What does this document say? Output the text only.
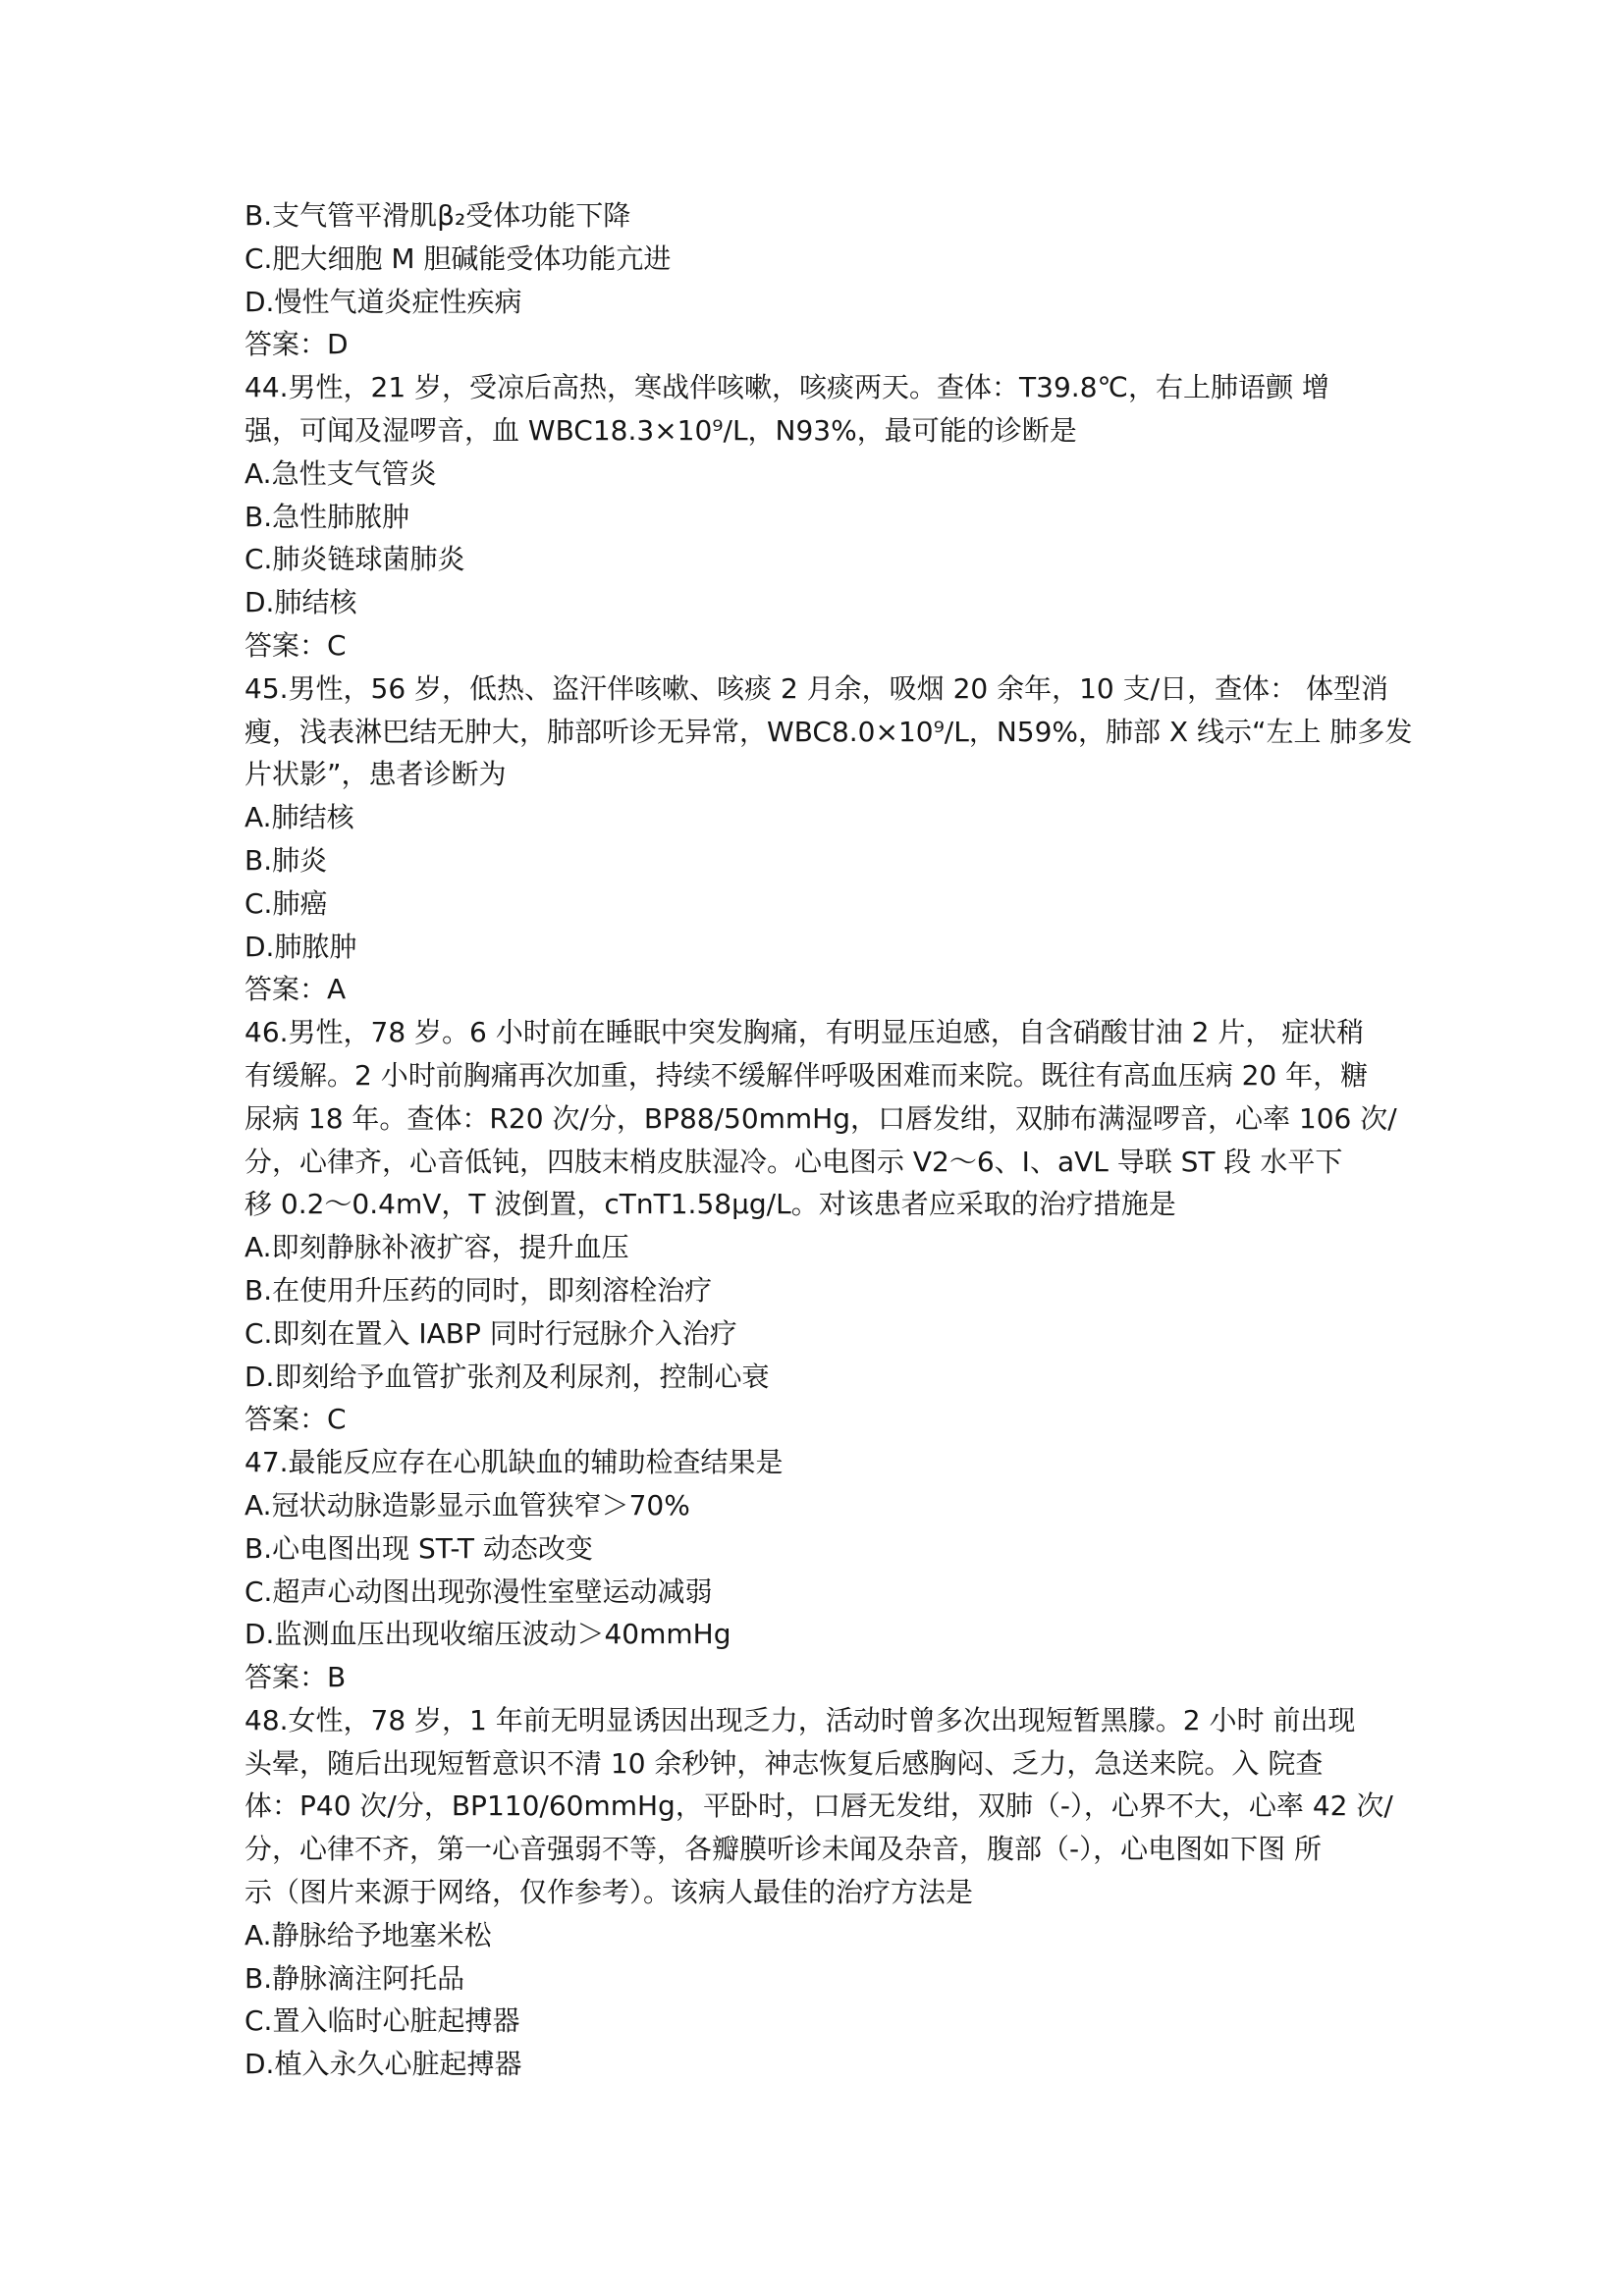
B.支气管平滑肌β₂受体功能下降
C.肥大细胞 M 胆碱能受体功能亢进
D.慢性气道炎症性疾病
答案：D
44.男性，21 岁，受凉后高热，寒战伴咳嗽，咳痰两天。查体：T39.8℃，右上肺语颤 增
强，可闻及湿啰音，血 WBC18.3×10⁹/L，N93%，最可能的诊断是
A.急性支气管炎
B.急性肺脓肿
C.肺炎链球菌肺炎
D.肺结核
答案：C
45.男性，56 岁，低热、盗汗伴咳嗽、咳痰 2 月余，吸烟 20 余年，10 支/日，查体： 体型消
瘦，浅表淋巴结无肿大，肺部听诊无异常，WBC8.0×10⁹/L，N59%，肺部 X 线示“左上 肺多发
片状影”，患者诊断为
A.肺结核
B.肺炎
C.肺癌
D.肺脓肿
答案：A
46.男性，78 岁。6 小时前在睡眠中突发胸痛，有明显压迫感，自含硝酸甘油 2 片， 症状稍
有缓解。2 小时前胸痛再次加重，持续不缓解伴呼吸困难而来院。既往有高血压病 20 年，糖
尿病 18 年。查体：R20 次/分，BP88/50mmHg，口唇发绀，双肺布满湿啰音，心率 106 次/
分，心律齐，心音低钝，四肢末梢皮肤湿冷。心电图示 V2～6、Ⅰ、aVL 导联 ST 段 水平下
移 0.2～0.4mV，T 波倒置，cTnT1.58μg/L。对该患者应采取的治疗措施是
A.即刻静脉补液扩容，提升血压
B.在使用升压药的同时，即刻溶栓治疗
C.即刻在置入 IABP 同时行冠脉介入治疗
D.即刻给予血管扩张剂及利尿剂，控制心衰
答案：C
47.最能反应存在心肌缺血的辅助检查结果是
A.冠状动脉造影显示血管狭窄＞70%
B.心电图出现 ST-T 动态改变
C.超声心动图出现弥漫性室壁运动减弱
D.监测血压出现收缩压波动＞40mmHg
答案：B
48.女性，78 岁，1 年前无明显诱因出现乏力，活动时曾多次出现短暂黑朦。2 小时 前出现
头晕，随后出现短暂意识不清 10 余秒钟，神志恢复后感胸闷、乏力，急送来院。入 院查
体：P40 次/分，BP110/60mmHg，平卧时，口唇无发绀，双肺（-），心界不大，心率 42 次/
分，心律不齐，第一心音强弱不等，各瓣膜听诊未闻及杂音，腹部（-），心电图如下图 所
示（图片来源于网络，仅作参考）。该病人最佳的治疗方法是
A.静脉给予地塞米松
B.静脉滴注阿托品
C.置入临时心脏起搏器
D.植入永久心脏起搏器
